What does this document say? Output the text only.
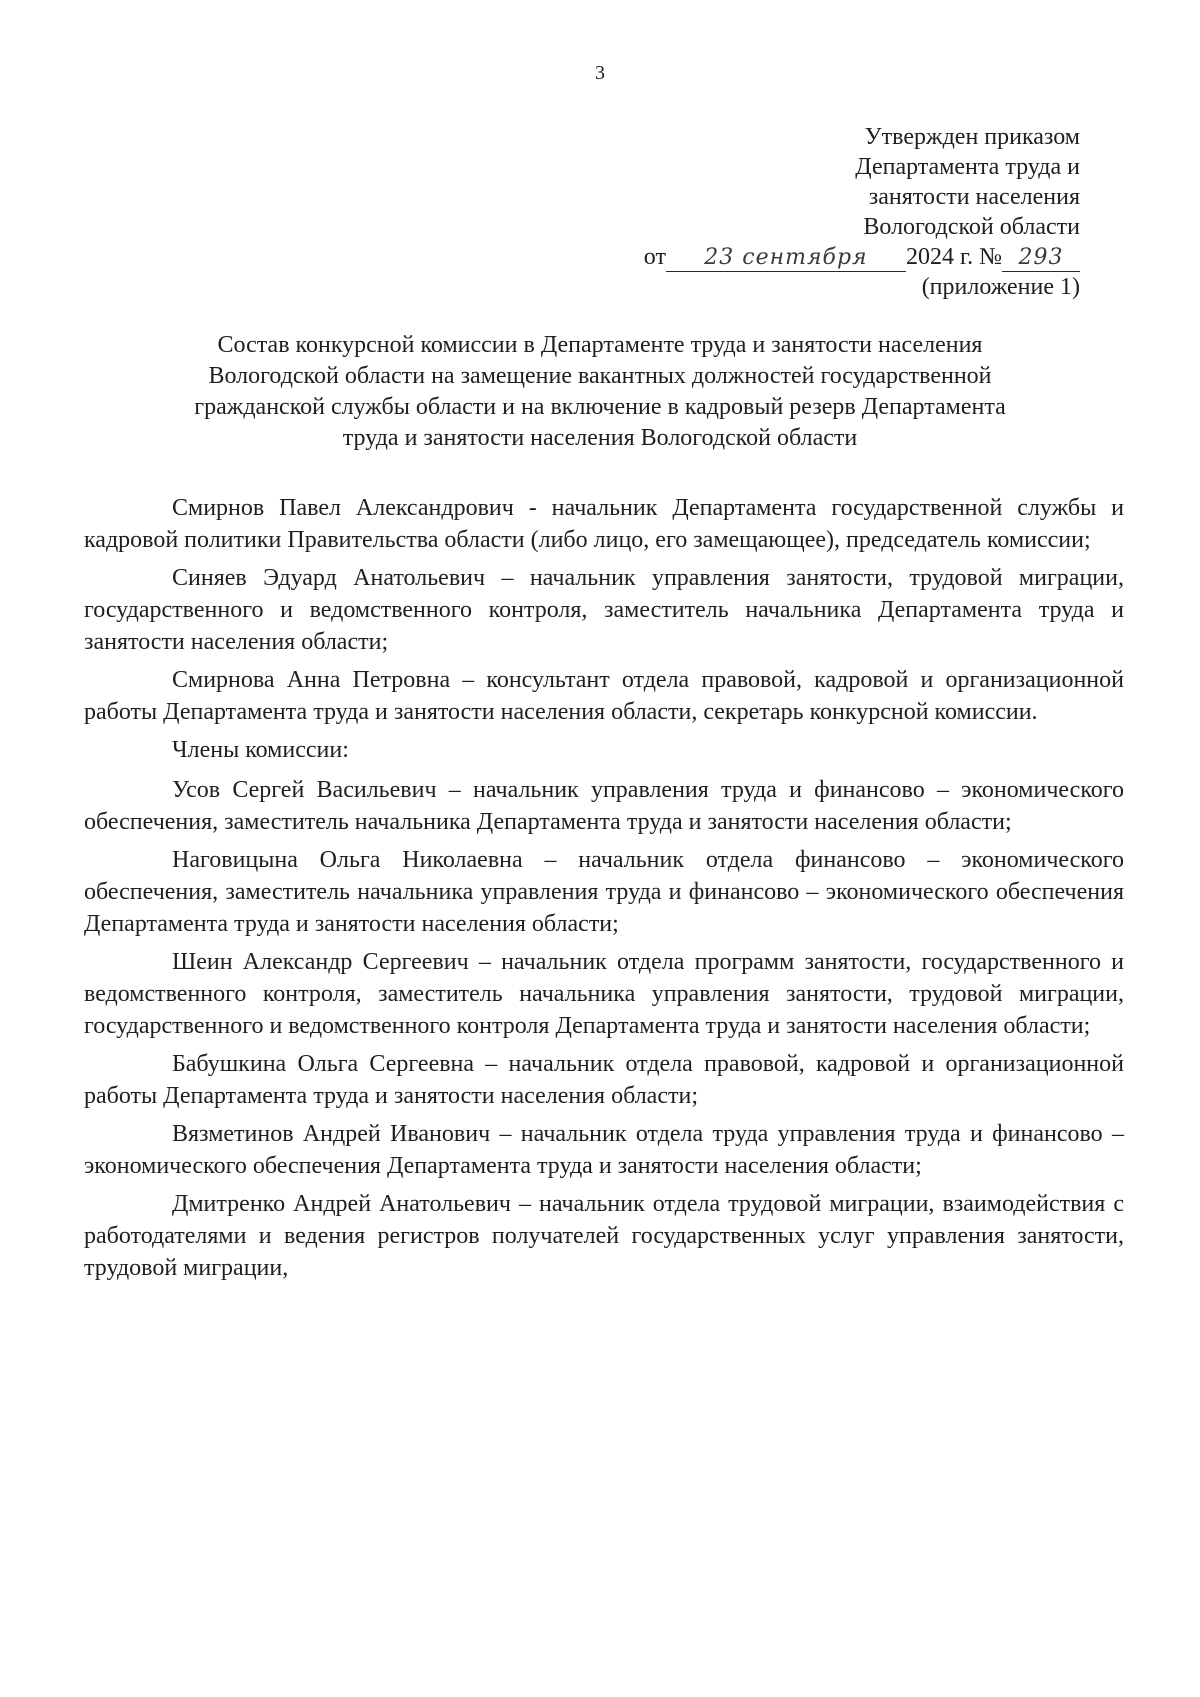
3
Утвержден приказом
Департамента труда и
занятости населения
Вологодской области
от 23 сентября 2024 г. № 293
(приложение 1)
Состав конкурсной комиссии в Департаменте труда и занятости населения
Вологодской области на замещение вакантных должностей государственной
гражданской службы области и на включение в кадровый резерв Департамента
труда и занятости населения Вологодской области

Смирнов Павел Александрович - начальник Департамента государственной службы и кадровой политики Правительства области (либо лицо, его замещающее), председатель комиссии;

Синяев Эдуард Анатольевич – начальник управления занятости, трудовой миграции, государственного и ведомственного контроля, заместитель начальника Департамента труда и занятости населения области;

Смирнова Анна Петровна – консультант отдела правовой, кадровой и организационной работы Департамента труда и занятости населения области, секретарь конкурсной комиссии.

Члены комиссии:

Усов Сергей Васильевич – начальник управления труда и финансово – экономического обеспечения, заместитель начальника Департамента труда и занятости населения области;

Наговицына Ольга Николаевна – начальник отдела финансово – экономического обеспечения, заместитель начальника управления труда и финансово – экономического обеспечения Департамента труда и занятости населения области;

Шеин Александр Сергеевич – начальник отдела программ занятости, государственного и ведомственного контроля, заместитель начальника управления занятости, трудовой миграции, государственного и ведомственного контроля Департамента труда и занятости населения области;

Бабушкина Ольга Сергеевна – начальник отдела правовой, кадровой и организационной работы Департамента труда и занятости населения области;

Вязметинов Андрей Иванович – начальник отдела труда управления труда и финансово – экономического обеспечения Департамента труда и занятости населения области;

Дмитренко Андрей Анатольевич – начальник отдела трудовой миграции, взаимодействия с работодателями и ведения регистров получателей государственных услуг управления занятости, трудовой миграции,
